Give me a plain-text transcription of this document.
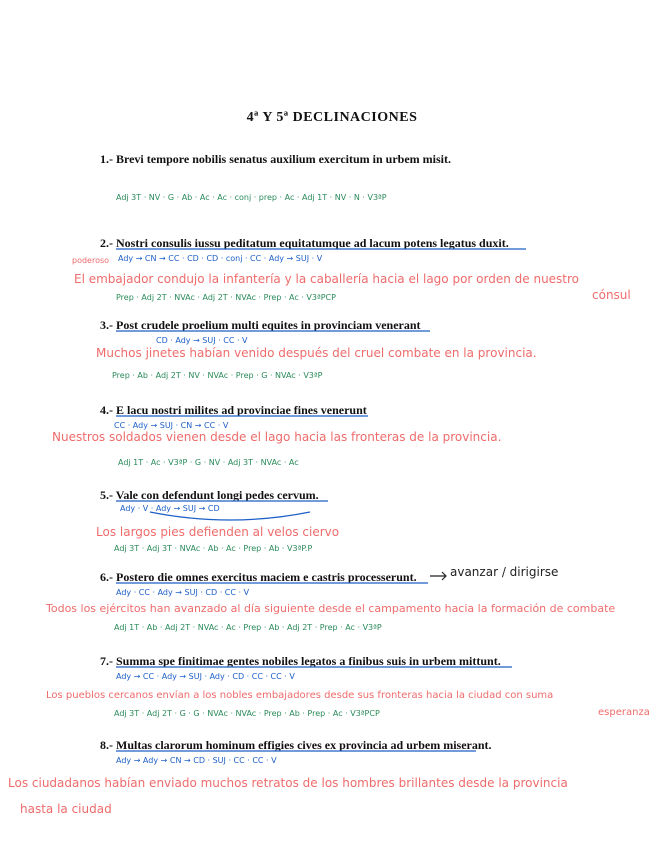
4ª Y 5ª DECLINACIONES
1.- Brevi tempore nobilis senatus auxilium exercitum in urbem misit.
Adj 3T · NV · G · Ab · Ac · Ac · conj · prep · Ac · Adj 1T · NV · N · V3ªP
2.- Nostri consulis iussu peditatum equitatumque ad lacum potens legatus duxit.
Ady → CN → CC · CD · CD · conj · CC · Ady → SUJ · V
poderoso
El embajador condujo la infantería y la caballería hacia el lago por orden de nuestro
cónsul
Prep · Adj 2T · NVAc · Adj 2T · NVAc · Prep · Ac · V3ªPCP
3.- Post crudele proelium multi equites in provinciam venerant
CD · Ady → SUJ · CC · V
Muchos jinetes habían venido después del cruel combate en la provincia.
Prep · Ab · Adj 2T · NV · NVAc · Prep · G · NVAc · V3ªP
4.- E lacu nostri milites ad provinciae fines venerunt
CC · Ady → SUJ · CN → CC · V
Nuestros soldados vienen desde el lago hacia las fronteras de la provincia.
Adj 1T · Ac · V3ªP · G · NV · Adj 3T · NVAc · Ac
5.- Vale con defendunt longi pedes cervum.
Ady · V · Ady → SUJ → CD
Los largos pies defienden al velos ciervo
Adj 3T · Adj 3T · NVAc · Ab · Ac · Prep · Ab · V3ªP.P
6.- Postero die omnes exercitus maciem e castris processerunt.	avanzar / dirigirse
Ady · CC · Ady → SUJ · CD · CC · V
Todos los ejércitos han avanzado al día siguiente desde el campamento hacia la formación de combate
Adj 1T · Ab · Adj 2T · NVAc · Ac · Prep · Ab · Adj 2T · Prep · Ac · V3ªP
7.- Summa spe finitimae gentes nobiles legatos a finibus suis in urbem mittunt.
Ady → CC · Ady → SUJ · Ady · CD · CC · CC · V
Los pueblos cercanos envían a los nobles embajadores desde sus fronteras hacia la ciudad con suma
esperanza
Adj 3T · Adj 2T · G · G · NVAc · NVAc · Prep · Ab · Prep · Ac · V3ªPCP
8.- Multas clarorum hominum effigies cives ex provincia ad urbem miserant.
Ady → Ady → CN → CD · SUJ · CC · CC · V
Los ciudadanos habían enviado muchos retratos de los hombres brillantes desde la provincia
hasta la ciudad
